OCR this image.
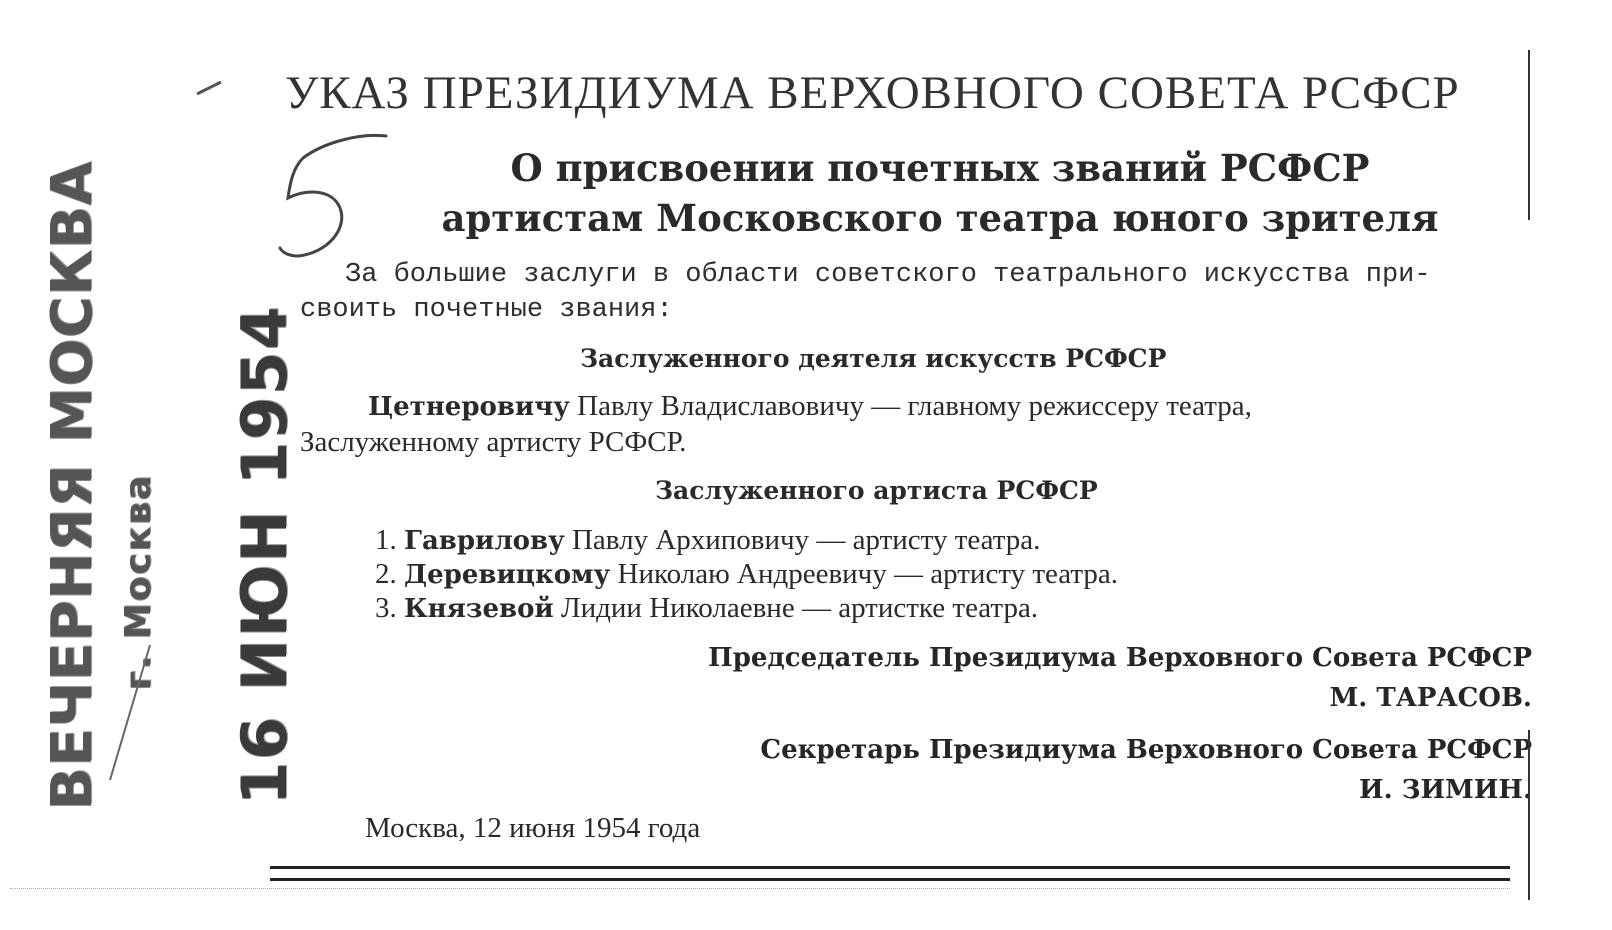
УКАЗ ПРЕЗИДИУМА ВЕРХОВНОГО СОВЕТА РСФСР
О присвоении почетных званий РСФСР
артистам Московского театра юного зрителя
За большие заслуги в области советского театрального искусства при-
своить почетные звания:
Заслуженного деятеля искусств РСФСР
Цетнеровичу Павлу Владиславовичу — главному режиссеру театра,
Заслуженному артисту РСФСР.
Заслуженного артиста РСФСР
1. Гаврилову Павлу Архиповичу — артисту театра.
2. Деревицкому Николаю Андреевичу — артисту театра.
3. Князевой Лидии Николаевне — артистке театра.
Председатель Президиума Верховного Совета РСФСР
М. ТАРАСОВ.
Секретарь Президиума Верховного Совета РСФСР
И. ЗИМИН.
Москва, 12 июня 1954 года
ВЕЧЕРНЯЯ МОСКВА г. Москва 16 ИЮН 1954
